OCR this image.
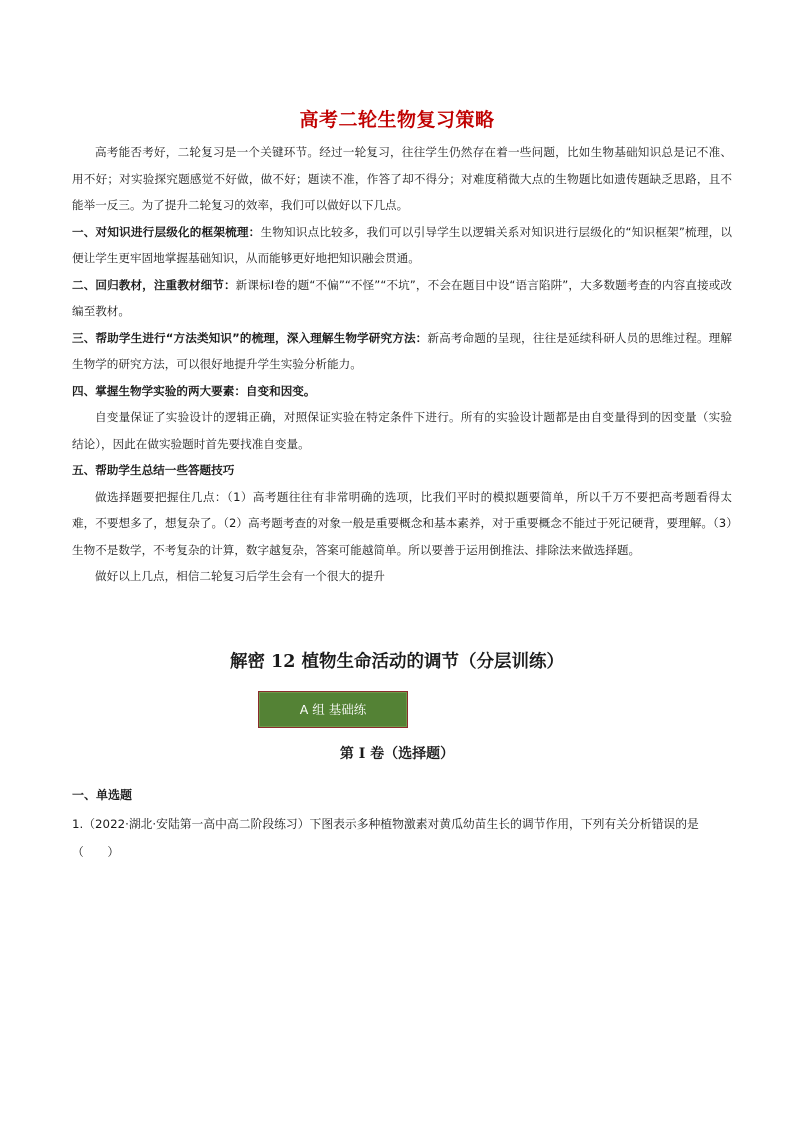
高考二轮生物复习策略

高考能否考好，二轮复习是一个关键环节。经过一轮复习，往往学生仍然存在着一些问题，比如生物基础知识总是记不准、用不好；对实验探究题感觉不好做，做不好；题读不准，作答了却不得分；对难度稍微大点的生物题比如遗传题缺乏思路，且不能举一反三。为了提升二轮复习的效率，我们可以做好以下几点。

一、对知识进行层级化的框架梳理：生物知识点比较多，我们可以引导学生以逻辑关系对知识进行层级化的“知识框架”梳理，以便让学生更牢固地掌握基础知识，从而能够更好地把知识融会贯通。

二、回归教材，注重教材细节：新课标Ⅰ卷的题“不偏”“不怪”“不坑”，不会在题目中设“语言陷阱”，大多数题考查的内容直接或改编至教材。

三、帮助学生进行“方法类知识”的梳理，深入理解生物学研究方法：新高考命题的呈现，往往是延续科研人员的思维过程。理解生物学的研究方法，可以很好地提升学生实验分析能力。

四、掌握生物学实验的两大要素：自变和因变。

自变量保证了实验设计的逻辑正确，对照保证实验在特定条件下进行。所有的实验设计题都是由自变量得到的因变量（实验结论），因此在做实验题时首先要找准自变量。

五、帮助学生总结一些答题技巧

做选择题要把握住几点：（1）高考题往往有非常明确的选项，比我们平时的模拟题要简单，所以千万不要把高考题看得太难，不要想多了，想复杂了。（2）高考题考查的对象一般是重要概念和基本素养，对于重要概念不能过于死记硬背，要理解。（3）生物不是数学，不考复杂的计算，数字越复杂，答案可能越简单。所以要善于运用倒推法、排除法来做选择题。

做好以上几点，相信二轮复习后学生会有一个很大的提升

解密 12 植物生命活动的调节（分层训练）
A 组 基础练
第 I 卷（选择题）
一、单选题
1.（2022·湖北·安陆第一高中高二阶段练习）下图表示多种植物激素对黄瓜幼苗生长的调节作用，下列有关分析错误的是（　　）
